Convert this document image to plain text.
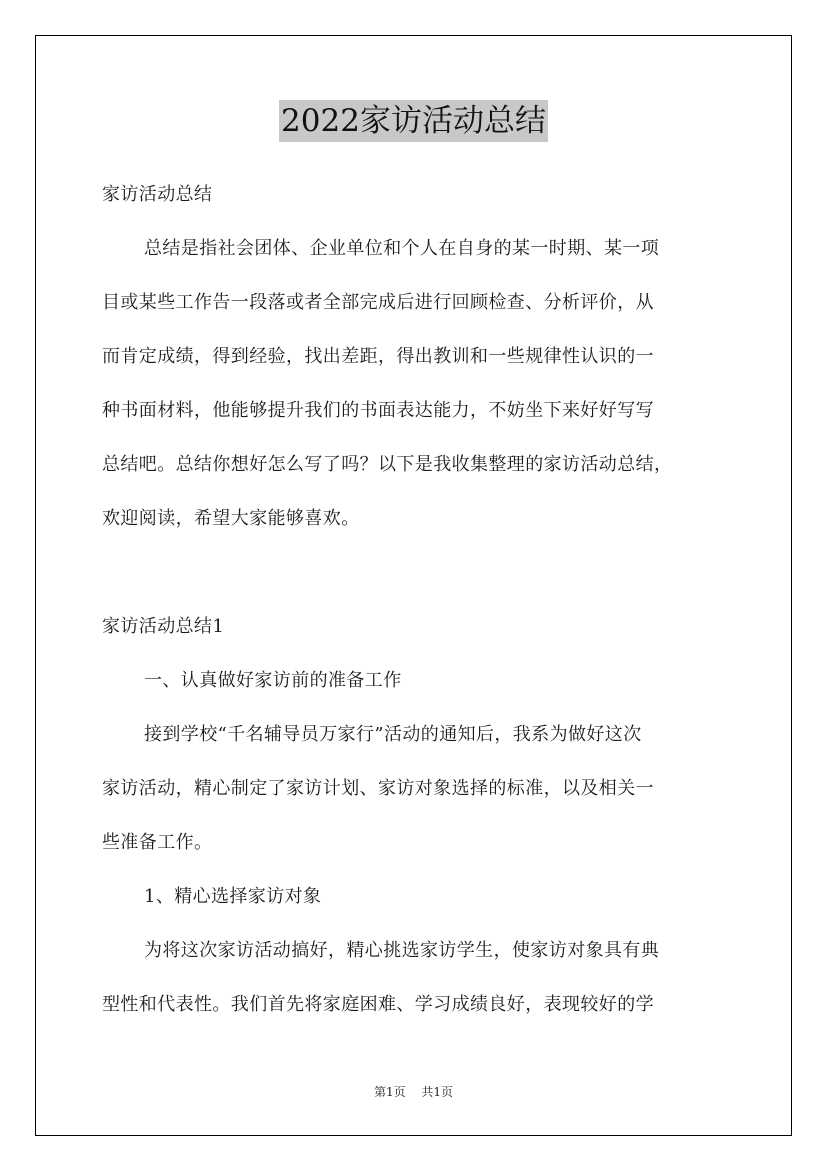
2022家访活动总结
家访活动总结
总结是指社会团体、企业单位和个人在自身的某一时期、某一项
目或某些工作告一段落或者全部完成后进行回顾检查、分析评价，从
而肯定成绩，得到经验，找出差距，得出教训和一些规律性认识的一
种书面材料，他能够提升我们的书面表达能力，不妨坐下来好好写写
总结吧。总结你想好怎么写了吗？以下是我收集整理的家访活动总结，
欢迎阅读，希望大家能够喜欢。
家访活动总结1
一、认真做好家访前的准备工作
接到学校“千名辅导员万家行”活动的通知后，我系为做好这次
家访活动，精心制定了家访计划、家访对象选择的标准，以及相关一
些准备工作。
1、精心选择家访对象
为将这次家访活动搞好，精心挑选家访学生，使家访对象具有典
型性和代表性。我们首先将家庭困难、学习成绩良好，表现较好的学
第1页 共1页
